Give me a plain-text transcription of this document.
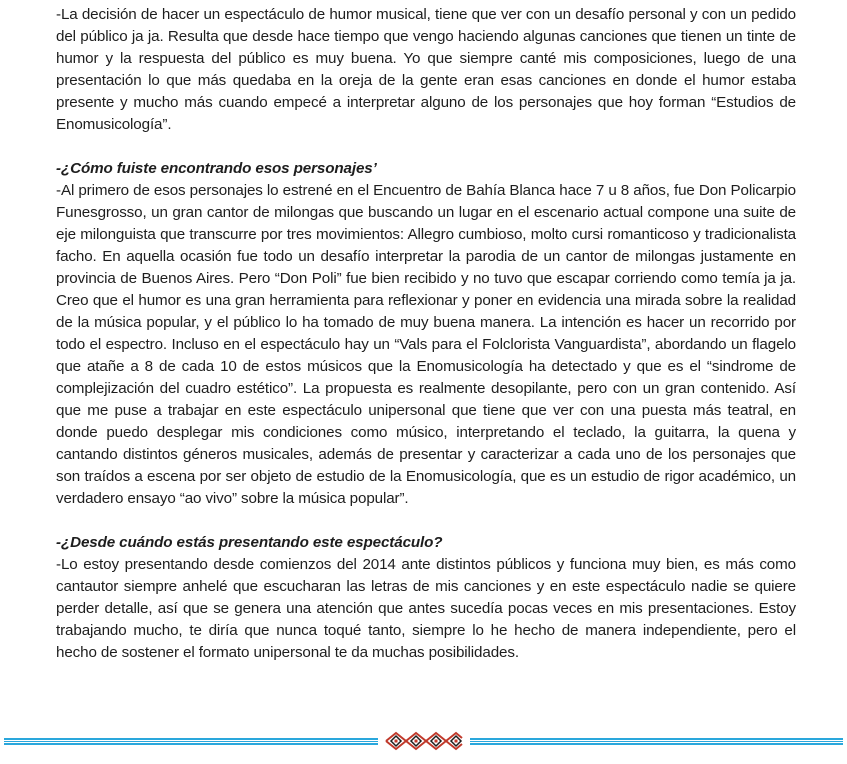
-La decisión de hacer un espectáculo de humor musical, tiene que ver con un desafío personal y con un pedido del público ja ja. Resulta que desde hace tiempo que vengo haciendo algunas canciones que tienen un tinte de humor y la respuesta del público es muy buena. Yo que siempre canté mis composiciones, luego de una presentación lo que más quedaba en la oreja de la gente eran esas canciones en donde el humor estaba presente y mucho más cuando empecé a interpretar alguno de los personajes que hoy forman “Estudios de Enomusicología”.

-¿Cómo fuiste encontrando esos personajes’

-Al primero de esos personajes lo estrené en el Encuentro de Bahía Blanca hace 7 u 8 años, fue Don Policarpio Funesgrosso, un gran cantor de milongas que buscando un lugar en el escenario actual compone una suite de eje milonguista que transcurre por tres movimientos: Allegro cumbioso, molto cursi romanticoso y tradicionalista facho. En aquella ocasión fue todo un desafío interpretar la parodia de un cantor de milongas justamente en provincia de Buenos Aires. Pero “Don Poli” fue bien recibido y no tuvo que escapar corriendo como temía ja ja. Creo que el humor es una gran herramienta para reflexionar y poner en evidencia una mirada sobre la realidad de la música popular, y el público lo ha tomado de muy buena manera. La intención es hacer un recorrido por todo el espectro. Incluso en el espectáculo hay un “Vals para el Folclorista Vanguardista”, abordando un flagelo que atañe a 8 de cada 10 de estos músicos que la Enomusicología ha detectado y que es el “sindrome de complejización del cuadro estético”. La propuesta es realmente desopilante, pero con un gran contenido. Así que me puse a trabajar en este espectáculo unipersonal que tiene que ver con una puesta más teatral, en donde puedo desplegar mis condiciones como músico, interpretando el teclado, la guitarra, la quena y cantando distintos géneros musicales, además de presentar y caracterizar a cada uno de los personajes que son traídos a escena por ser objeto de estudio de la Enomusicología, que es un estudio de rigor académico, un verdadero ensayo “ao vivo” sobre la música popular”.

-¿Desde cuándo estás presentando este espectáculo?

-Lo estoy presentando desde comienzos del 2014 ante distintos públicos y funciona muy bien, es más como cantautor siempre anhelé que escucharan las letras de mis canciones y en este espectáculo nadie se quiere perder detalle, así que se genera una atención que antes sucedía pocas veces en mis presentaciones. Estoy trabajando mucho, te diría que nunca toqué tanto, siempre lo he hecho de manera independiente, pero el hecho de sostener el formato unipersonal te da muchas posibilidades.
